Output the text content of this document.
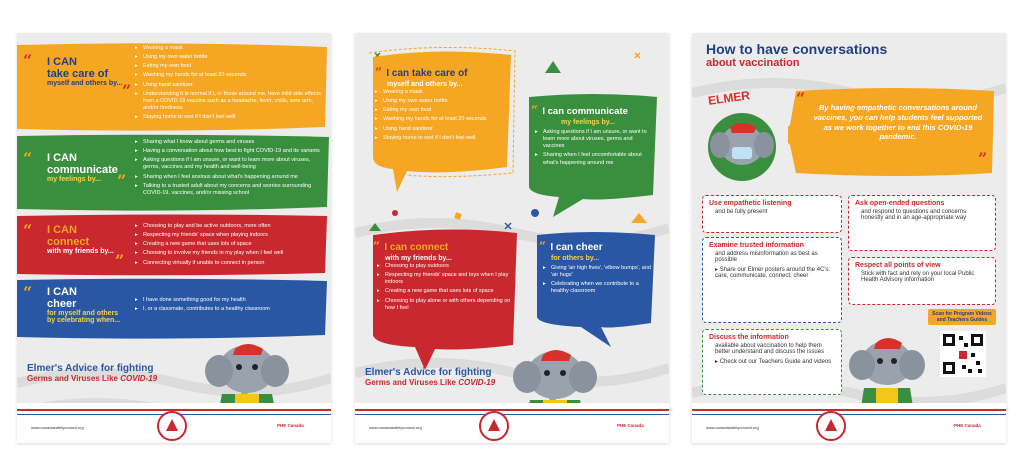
“ I CAN
take care of
myself and others by... ”
▸ Wearing a mask
▸ Using my own water bottle
▸ Eating my own food
▸ Washing my hands for at least 20 seconds
▸ Using hand sanitizer
▸ Understanding it is normal if I, or those around me, have mild side effects from a COVID-19 vaccine such as a headache, fever, chills, sore arm, and/or tiredness
▸ Staying home to rest if I don't feel well
“ I CAN
communicate
my feelings by...	”
▸ Sharing what I know about germs and viruses
▸ Having a conversation about how best to fight COVID-19 and its variants
▸ Asking questions if I am unsure, or want to learn more about viruses, germs, vaccines and my health and well-being
▸ Sharing when I feel anxious about what's happening around me
▸ Talking to a trusted adult about my concerns and worries surrounding COVID-19, vaccines, and/or missing school
“ I CAN
connect
with my friends by... ”
▸ Choosing to play and be active outdoors, more often
▸ Respecting my friends' space when playing indoors
▸ Creating a new game that uses lots of space
▸ Choosing to involve my friends in my play when I feel well
▸ Connecting virtually if unable to connect in person
“ I CAN
cheer
for myself and others by celebrating when...
▸ I have done something good for my health
▸ I, or a classmate, contributes to a healthy classroom
Elmer's Advice for fighting
Germs and Viruses Like COVID-19
www.canadasafetycouncil.org	PHE Canada
“ I can take care of
myself and others by...
▸ Wearing a mask
▸ Using my own water bottle
▸ Eating my own food
▸ Washing my hands for at least 20 seconds
▸ Using hand sanitizer
▸ Staying home to rest if I don't feel well
“ I can communicate
my feelings by...
▸ Asking questions if I am unsure, or want to learn more about viruses, germs and vaccines
▸ Sharing when I feel uncomfortable about what's happening around me
“ I can connect
with my friends by...
▸ Choosing to play outdoors
▸ Respecting my friends' space and toys when I play indoors
▸ Creating a new game that uses lots of space
▸ Choosing to play alone or with others depending on how I feel
“ I can cheer
for others by...
▸ Giving 'air high fives', 'elbow bumps', and 'air hugs'
▸ Celebrating when we contribute to a healthy classroom
Elmer's Advice for fighting
Germs and Viruses Like COVID-19
www.canadasafetycouncil.org	PHE Canada
How to have conversations
about vaccination
ELMER	“	By having empathetic conversations around vaccines, you can help students feel supported as we work together to end this COVID-19 pandemic.
”
Use empathetic listening
and be fully present
Ask open-ended questions
and respond to questions and concerns honestly and in an age-appropriate way
Examine trusted information
and address misinformation as best as possible
▸ Share our Elmer posters around the 4C's: care, communicate, connect, cheer
Respect all points of view
Stick with fact and rely on your local Public Health Advisory information
Discuss the information
available about vaccination to help them better understand and discuss the issues
▸ Check out our Teachers Guide and videos
Scan for Program Videos and Teachers Guides
www.canadasafetycouncil.org	PHE Canada
